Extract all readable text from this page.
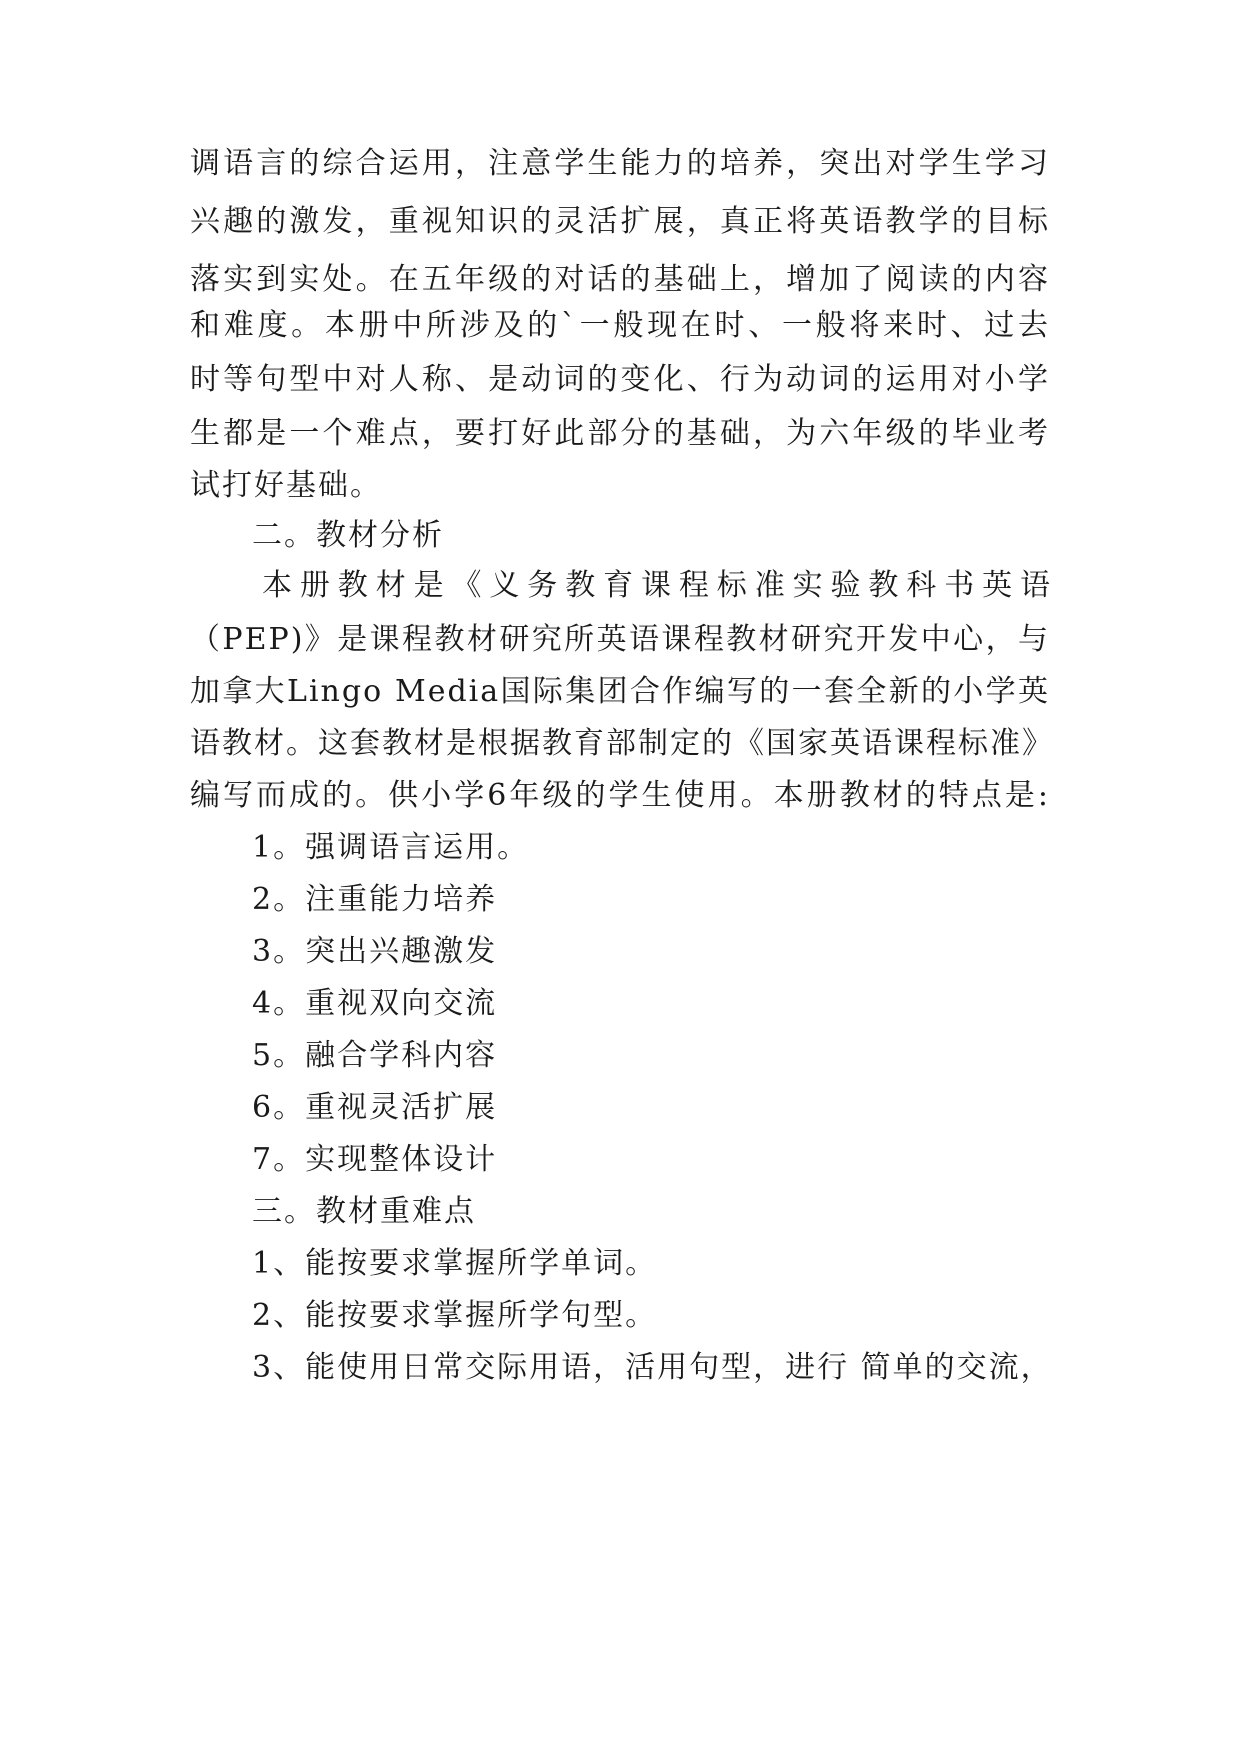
调语言的综合运用，注意学生能力的培养，突出对学生学习
兴趣的激发，重视知识的灵活扩展，真正将英语教学的目标
落实到实处。在五年级的对话的基础上，增加了阅读的内容
和难度。本册中所涉及的`一般现在时、一般将来时、过去
时等句型中对人称、是动词的变化、行为动词的运用对小学
生都是一个难点，要打好此部分的基础，为六年级的毕业考
试打好基础。
二。教材分析
本册教材是《义务教育课程标准实验教科书英语
（PEP)》是课程教材研究所英语课程教材研究开发中心，与
加拿大Lingo Media国际集团合作编写的一套全新的小学英
语教材。这套教材是根据教育部制定的《国家英语课程标准》
编写而成的。供小学6年级的学生使用。本册教材的特点是:
1。强调语言运用。
2。注重能力培养
3。突出兴趣激发
4。重视双向交流
5。融合学科内容
6。重视灵活扩展
7。实现整体设计
三。教材重难点
1、能按要求掌握所学单词。
2、能按要求掌握所学句型。
3、能使用日常交际用语，活用句型，进行 简单的交流，
